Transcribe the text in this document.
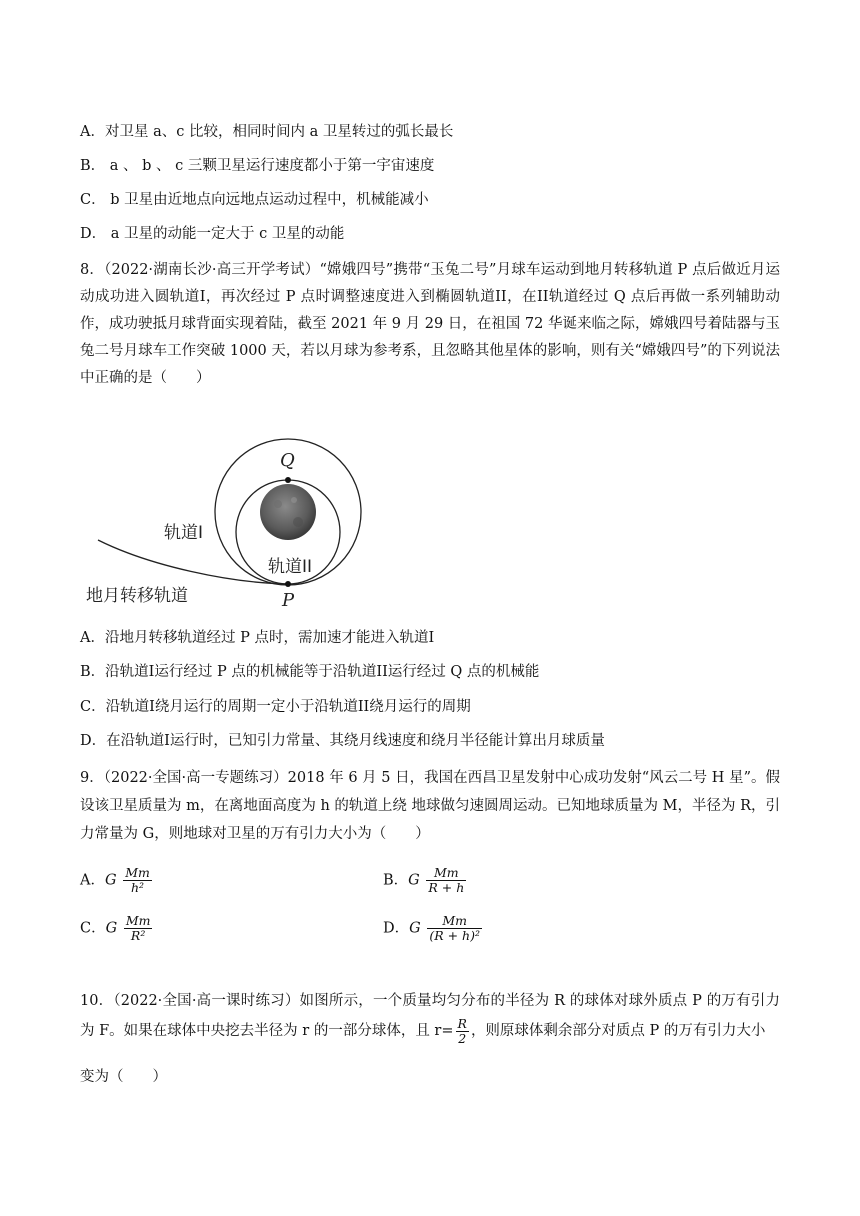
A．对卫星 a、c 比较，相同时间内 a 卫星转过的弧长最长
B． a 、 b 、 c 三颗卫星运行速度都小于第一宇宙速度
C． b 卫星由近地点向远地点运动过程中，机械能减小
D． a 卫星的动能一定大于 c 卫星的动能
8．（2022·湖南长沙·高三开学考试）“嫦娥四号”携带“玉兔二号”月球车运动到地月转移轨道 P 点后做近月运动成功进入圆轨道I，再次经过 P 点时调整速度进入到椭圆轨道II，在II轨道经过 Q 点后再做一系列辅助动作，成功驶抵月球背面实现着陆，截至 2021 年 9 月 29 日，在祖国 72 华诞来临之际，嫦娥四号着陆器与玉兔二号月球车工作突破 1000 天，若以月球为参考系，且忽略其他星体的影响，则有关“嫦娥四号”的下列说法中正确的是（　　）
Q
P
轨道I
轨道II
地月转移轨道
A．沿地月转移轨道经过 P 点时，需加速才能进入轨道I
B．沿轨道I运行经过 P 点的机械能等于沿轨道II运行经过 Q 点的机械能
C．沿轨道I绕月运行的周期一定小于沿轨道II绕月运行的周期
D．在沿轨道I运行时，已知引力常量、其绕月线速度和绕月半径能计算出月球质量
9．（2022·全国·高一专题练习）2018 年 6 月 5 日，我国在西昌卫星发射中心成功发射“风云二号 H 星”。假设该卫星质量为 m，在离地面高度为 h 的轨道上绕 地球做匀速圆周运动。已知地球质量为 M，半径为 R，引力常量为 G，则地球对卫星的万有引力大小为（　　）
A．G $\frac{Mm}{\text{h²}}$	B．G $\frac{Mm}{R + h}$
C．G $\frac{Mm}{\text{R²}}$	D．G $\frac{Mm}{\text{(R + h)²}}$
10．（2022·全国·高一课时练习）如图所示，一个质量均匀分布的半径为 R 的球体对球外质点 P 的万有引力为 F。如果在球体中央挖去半径为 r 的一部分球体，且 $r= \frac{R}{2}$ ，则原球体剩余部分对质点 P 的万有引力大小
变为（　　）
